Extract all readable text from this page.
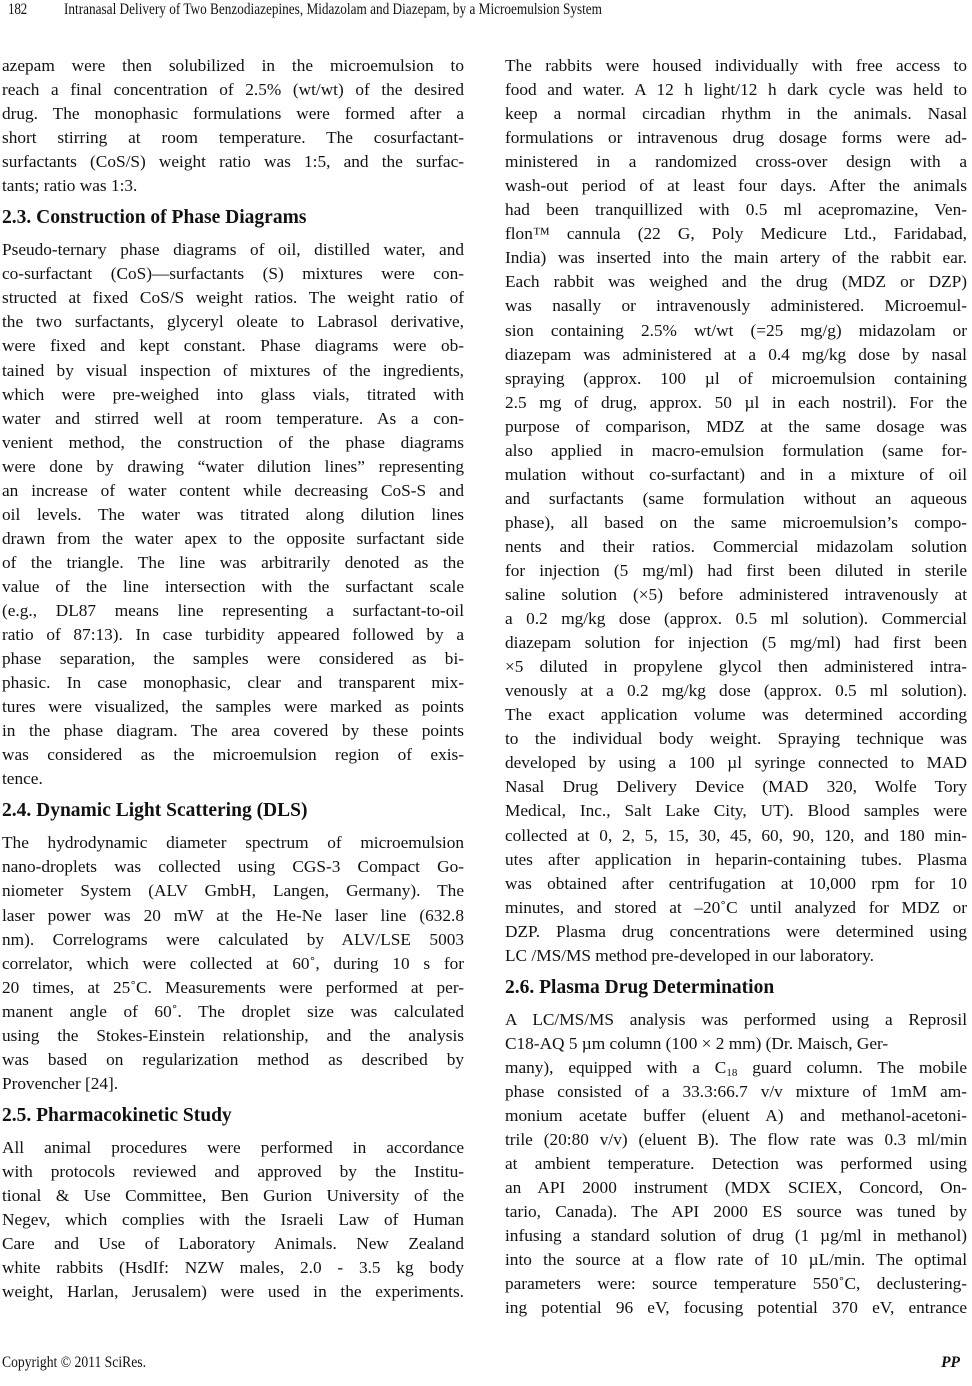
182 Intranasal Delivery of Two Benzodiazepines, Midazolam and Diazepam, by a Microemulsion System
azepam were then solubilized in the microemulsion to
reach a final concentration of 2.5% (wt/wt) of the desired
drug. The monophasic formulations were formed after a
short stirring at room temperature. The cosurfactant-
surfactants (CoS/S) weight ratio was 1:5, and the surfac-
tants; ratio was 1:3.
2.3. Construction of Phase Diagrams
Pseudo-ternary phase diagrams of oil, distilled water, and
co-surfactant (CoS)—surfactants (S) mixtures were con-
structed at fixed CoS/S weight ratios. The weight ratio of
the two surfactants, glyceryl oleate to Labrasol derivative,
were fixed and kept constant. Phase diagrams were ob-
tained by visual inspection of mixtures of the ingredients,
which were pre-weighed into glass vials, titrated with
water and stirred well at room temperature. As a con-
venient method, the construction of the phase diagrams
were done by drawing “water dilution lines” representing
an increase of water content while decreasing CoS-S and
oil levels. The water was titrated along dilution lines
drawn from the water apex to the opposite surfactant side
of the triangle. The line was arbitrarily denoted as the
value of the line intersection with the surfactant scale
(e.g., DL87 means line representing a surfactant-to-oil
ratio of 87:13). In case turbidity appeared followed by a
phase separation, the samples were considered as bi-
phasic. In case monophasic, clear and transparent mix-
tures were visualized, the samples were marked as points
in the phase diagram. The area covered by these points
was considered as the microemulsion region of exis-
tence.
2.4. Dynamic Light Scattering (DLS)
The hydrodynamic diameter spectrum of microemulsion
nano-droplets was collected using CGS-3 Compact Go-
niometer System (ALV GmbH, Langen, Germany). The
laser power was 20 mW at the He-Ne laser line (632.8
nm). Correlograms were calculated by ALV/LSE 5003
correlator, which were collected at 60˚, during 10 s for
20 times, at 25˚C. Measurements were performed at per-
manent angle of 60˚. The droplet size was calculated
using the Stokes-Einstein relationship, and the analysis
was based on regularization method as described by
Provencher [24].
2.5. Pharmacokinetic Study
All animal procedures were performed in accordance
with protocols reviewed and approved by the Institu-
tional & Use Committee, Ben Gurion University of the
Negev, which complies with the Israeli Law of Human
Care and Use of Laboratory Animals. New Zealand
white rabbits (HsdIf: NZW males, 2.0 - 3.5 kg body
weight, Harlan, Jerusalem) were used in the experiments.
The rabbits were housed individually with free access to
food and water. A 12 h light/12 h dark cycle was held to
keep a normal circadian rhythm in the animals. Nasal
formulations or intravenous drug dosage forms were ad-
ministered in a randomized cross-over design with a
wash-out period of at least four days. After the animals
had been tranquillized with 0.5 ml acepromazine, Ven-
flon™ cannula (22 G, Poly Medicure Ltd., Faridabad,
India) was inserted into the main artery of the rabbit ear.
Each rabbit was weighed and the drug (MDZ or DZP)
was nasally or intravenously administered. Microemul-
sion containing 2.5% wt/wt (=25 mg/g) midazolam or
diazepam was administered at a 0.4 mg/kg dose by nasal
spraying (approx. 100 µl of microemulsion containing
2.5 mg of drug, approx. 50 µl in each nostril). For the
purpose of comparison, MDZ at the same dosage was
also applied in macro-emulsion formulation (same for-
mulation without co-surfactant) and in a mixture of oil
and surfactants (same formulation without an aqueous
phase), all based on the same microemulsion’s compo-
nents and their ratios. Commercial midazolam solution
for injection (5 mg/ml) had first been diluted in sterile
saline solution (×5) before administered intravenously at
a 0.2 mg/kg dose (approx. 0.5 ml solution). Commercial
diazepam solution for injection (5 mg/ml) had first been
×5 diluted in propylene glycol then administered intra-
venously at a 0.2 mg/kg dose (approx. 0.5 ml solution).
The exact application volume was determined according
to the individual body weight. Spraying technique was
developed by using a 100 µl syringe connected to MAD
Nasal Drug Delivery Device (MAD 320, Wolfe Tory
Medical, Inc., Salt Lake City, UT). Blood samples were
collected at 0, 2, 5, 15, 30, 45, 60, 90, 120, and 180 min-
utes after application in heparin-containing tubes. Plasma
was obtained after centrifugation at 10,000 rpm for 10
minutes, and stored at –20˚C until analyzed for MDZ or
DZP. Plasma drug concentrations were determined using
LC /MS/MS method pre-developed in our laboratory.
2.6. Plasma Drug Determination
A LC/MS/MS analysis was performed using a Reprosil
C18-AQ 5 µm column (100 × 2 mm) (Dr. Maisch, Ger-
many), equipped with a $C_{18}$ guard column. The mobile
phase consisted of a 33.3:66.7 v/v mixture of 1mM am-
monium acetate buffer (eluent A) and methanol-acetoni-
trile (20:80 v/v) (eluent B). The flow rate was 0.3 ml/min
at ambient temperature. Detection was performed using
an API 2000 instrument (MDX SCIEX, Concord, On-
tario, Canada). The API 2000 ES source was tuned by
infusing a standard solution of drug (1 µg/ml in methanol)
into the source at a flow rate of 10 µL/min. The optimal
parameters were: source temperature 550˚C, declustering-
ing potential 96 eV, focusing potential 370 eV, entrance
Copyright © 2011 SciRes.	PP
